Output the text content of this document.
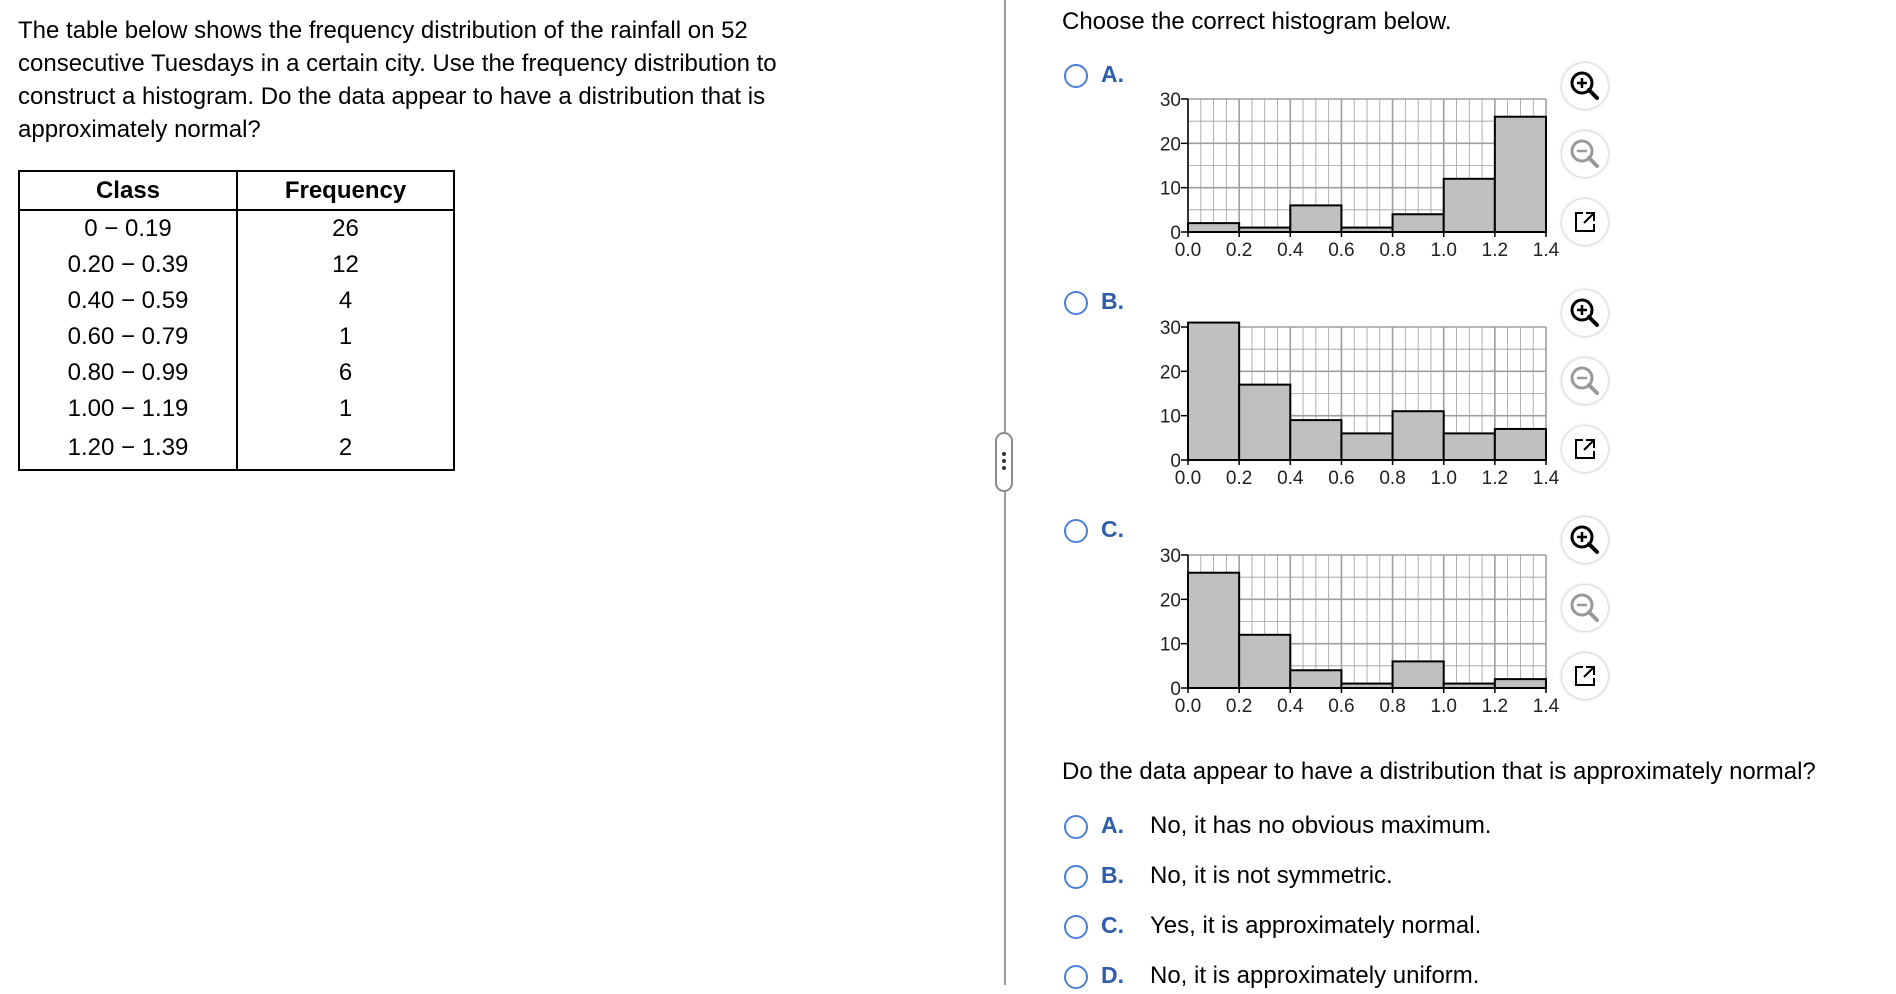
The table below shows the frequency distribution of the rainfall on 52 consecutive Tuesdays in a certain city. Use the frequency distribution to construct a histogram. Do the data appear to have a distribution that is approximately normal?

Class	Frequency
0 − 0.19	26
0.20 − 0.39	12
0.40 − 0.59	4
0.60 − 0.79	1
0.80 − 0.99	6
1.00 − 1.19	1
1.20 − 1.39	2

Choose the correct histogram below.

A.
0
10
20
30
0.0 0.2 0.4 0.6 0.8 1.0 1.2 1.4
B.
0
10
20
30
0.0 0.2 0.4 0.6 0.8 1.0 1.2 1.4
C.
0
10
20
30
0.0 0.2 0.4 0.6 0.8 1.0 1.2 1.4

Do the data appear to have a distribution that is approximately normal?

A. No, it has no obvious maximum.
B. No, it is not symmetric.
C. Yes, it is approximately normal.
D. No, it is approximately uniform.
